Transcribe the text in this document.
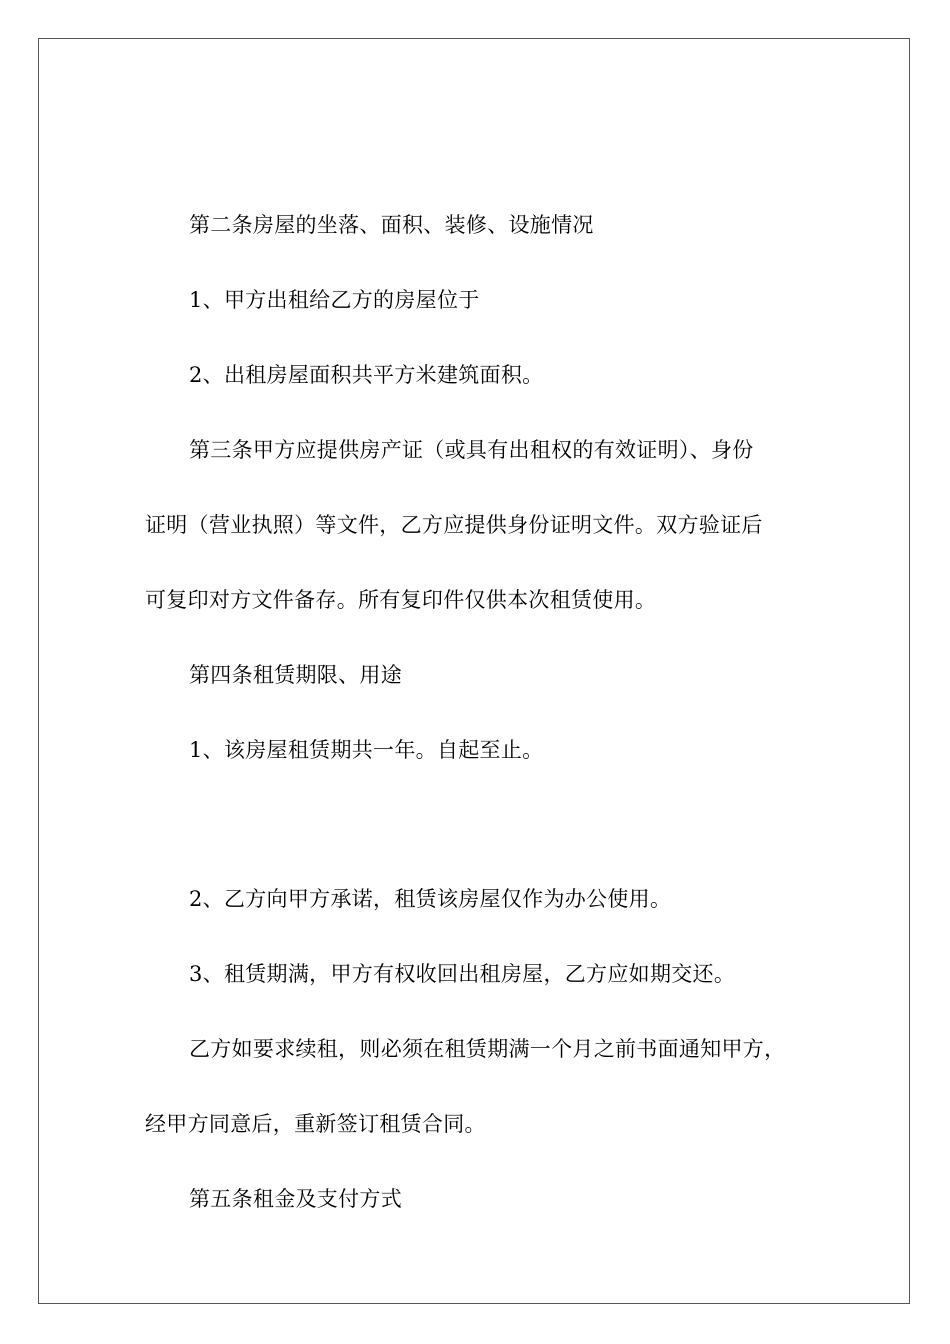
第二条房屋的坐落、面积、装修、设施情况
1、甲方出租给乙方的房屋位于
2、出租房屋面积共平方米建筑面积。
第三条甲方应提供房产证（或具有出租权的有效证明）、身份
证明（营业执照）等文件，乙方应提供身份证明文件。双方验证后
可复印对方文件备存。所有复印件仅供本次租赁使用。
第四条租赁期限、用途
1、该房屋租赁期共一年。自起至止。
2、乙方向甲方承诺，租赁该房屋仅作为办公使用。
3、租赁期满，甲方有权收回出租房屋，乙方应如期交还。
乙方如要求续租，则必须在租赁期满一个月之前书面通知甲方，
经甲方同意后，重新签订租赁合同。
第五条租金及支付方式
